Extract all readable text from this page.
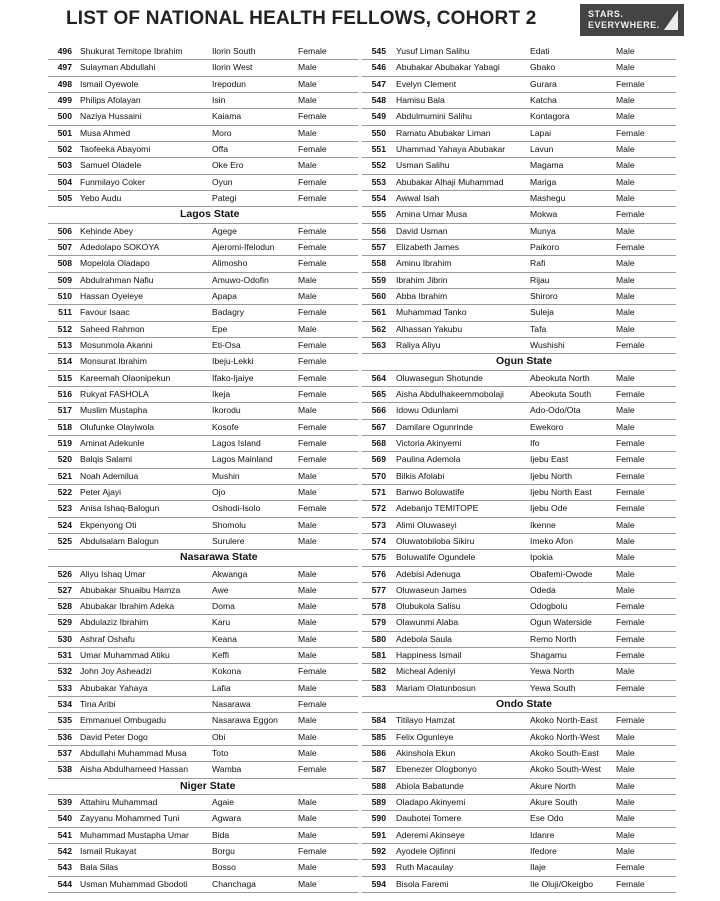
LIST OF NATIONAL HEALTH FELLOWS, COHORT 2	STARS.
EVERYWHERE.
496 Shukurat Temitope Ibrahim	Ilorin South	Female
497 Sulayman Abdullahi	Ilorin West	Male
498 Ismail Oyewole	Irepodun	Male
499 Philips Afolayan	Isin	Male
500 Naziya Hussaini	Kaiama	Female
501 Musa Ahmed	Moro	Male
502 Taofeeka Abayomi	Offa	Female
503 Samuel Oladele	Oke Ero	Male
504 Funmilayo Coker	Oyun	Female
505 Yebo Audu	Pategi	Female
Lagos State
506 Kehinde Abey	Agege	Female
507 Adedolapo SOKOYA	Ajeromi-Ifelodun	Female
508 Mopelola Oladapo	Alimosho	Female
509 Abdulrahman Nafiu	Amuwo-Odofin	Male
510 Hassan Oyeleye	Apapa	Male
511 Favour Isaac	Badagry	Female
512 Saheed Rahmon	Epe	Male
513 Mosunmola Akanni	Eti-Osa	Female
514 Monsurat Ibrahim	Ibeju-Lekki	Female
515 Kareemah Olaonipekun	Ifako-Ijaiye	Female
516 Rukyat FASHOLA	Ikeja	Female
517 Muslim Mustapha	Ikorodu	Male
518 Olufunke Olayiwola	Kosofe	Female
519 Aminat Adekunle	Lagos Island	Female
520 Balqis Salami	Lagos Mainland	Female
521 Noah Ademilua	Mushin	Male
522 Peter Ajayi	Ojo	Male
523 Anisa Ishaq-Balogun	Oshodi-Isolo	Female
524 Ekpenyong Oti	Shomolu	Male
525 Abdulsalam Balogun	Surulere	Male
Nasarawa State
526 Aliyu Ishaq Umar	Akwanga	Male
527 Abubakar Shuaibu Hamza	Awe	Male
528 Abubakar Ibrahim Adeka	Doma	Male
529 Abdulaziz Ibrahim	Karu	Male
530 Ashraf Oshafu	Keana	Male
531 Umar Muhammad Atiku	Keffi	Male
532 John Joy Asheadzi	Kokona	Female
533 Abubakar Yahaya	Lafia	Male
534 Tina Aribi	Nasarawa	Female
535 Emmanuel Ombugadu	Nasarawa Eggon	Male
536 David Peter Dogo	Obi	Male
537 Abdullahi Muhammad Musa	Toto	Male
538 Aisha Abdulhameed Hassan	Wamba	Female
Niger State
539 Attahiru Muhammad	Agaie	Male
540 Zayyanu Mohammed Tuni	Agwara	Male
541 Muhammad Mustapha Umar	Bida	Male
542 Ismail Rukayat	Borgu	Female
543 Bala Silas	Bosso	Male
544 Usman Muhammad Gbodoti	Chanchaga	Male
545 Yusuf Liman Salihu	Edati	Male
546 Abubakar Abubakar Yabagi	Gbako	Male
547 Evelyn Clement	Gurara	Female
548 Hamisu Bala	Katcha	Male
549 Abdulmumini Salihu	Kontagora	Male
550 Ramatu Abubakar Liman	Lapai	Female
551 Uhammad Yahaya Abubakar	Lavun	Male
552 Usman Salihu	Magama	Male
553 Abubakar Alhaji Muhammad	Mariga	Male
554 Awwal Isah	Mashegu	Male
555 Amina Umar Musa	Mokwa	Female
556 David Usman	Munya	Male
557 Elizabeth James	Paikoro	Female
558 Aminu Ibrahim	Rafi	Male
559 Ibrahim Jibrin	Rijau	Male
560 Abba Ibrahim	Shiroro	Male
561 Muhammad Tanko	Suleja	Male
562 Alhassan Yakubu	Tafa	Male
563 Raliya Aliyu	Wushishi	Female
Ogun State
564 Oluwasegun Shotunde	Abeokuta North	Male
565 Aisha Abdulhakeemmobolaji	Abeokuta South	Female
566 Idowu Odunlami	Ado-Odo/Ota	Male
567 Damilare Ogunrinde	Ewekoro	Male
568 Victoria Akinyemi	Ifo	Female
569 Paulina Ademola	Ijebu East	Female
570 Bilkis Afolabi	Ijebu North	Female
571 Banwo Boluwatife	Ijebu North East	Female
572 Adebanjo TEMITOPE	Ijebu Ode	Female
573 Alimi Oluwaseyi	Ikenne	Male
574 Oluwatobiloba Sikiru	Imeko Afon	Male
575 Boluwatife Ogundele	Ipokia	Male
576 Adebisi Adenuga	Obafemi-Owode	Male
577 Oluwaseun James	Odeda	Male
578 Olubukola Salisu	Odogbolu	Female
579 Olawunmi Alaba	Ogun Waterside	Female
580 Adebola Saula	Remo North	Female
581 Happiness Ismail	Shagamu	Female
582 Micheal Adeniyi	Yewa North	Male
583 Mariam Olatunbosun	Yewa South	Female
Ondo State
584 Titilayo Hamzat	Akoko North-East	Female
585 Felix Ogunleye	Akoko North-West	Male
586 Akinshola Ekun	Akoko South-East	Male
587 Ebenezer Ologbonyo	Akoko South-West	Male
588 Abiola Babatunde	Akure North	Male
589 Oladapo Akinyemi	Akure South	Male
590 Daubotei Tomere	Ese Odo	Male
591 Aderemi Akinseye	Idanre	Male
592 Ayodele Ojifinni	Ifedore	Male
593 Ruth Macaulay	Ilaje	Female
594 Bisola Faremi	Ile Oluji/Okeigbo	Female
